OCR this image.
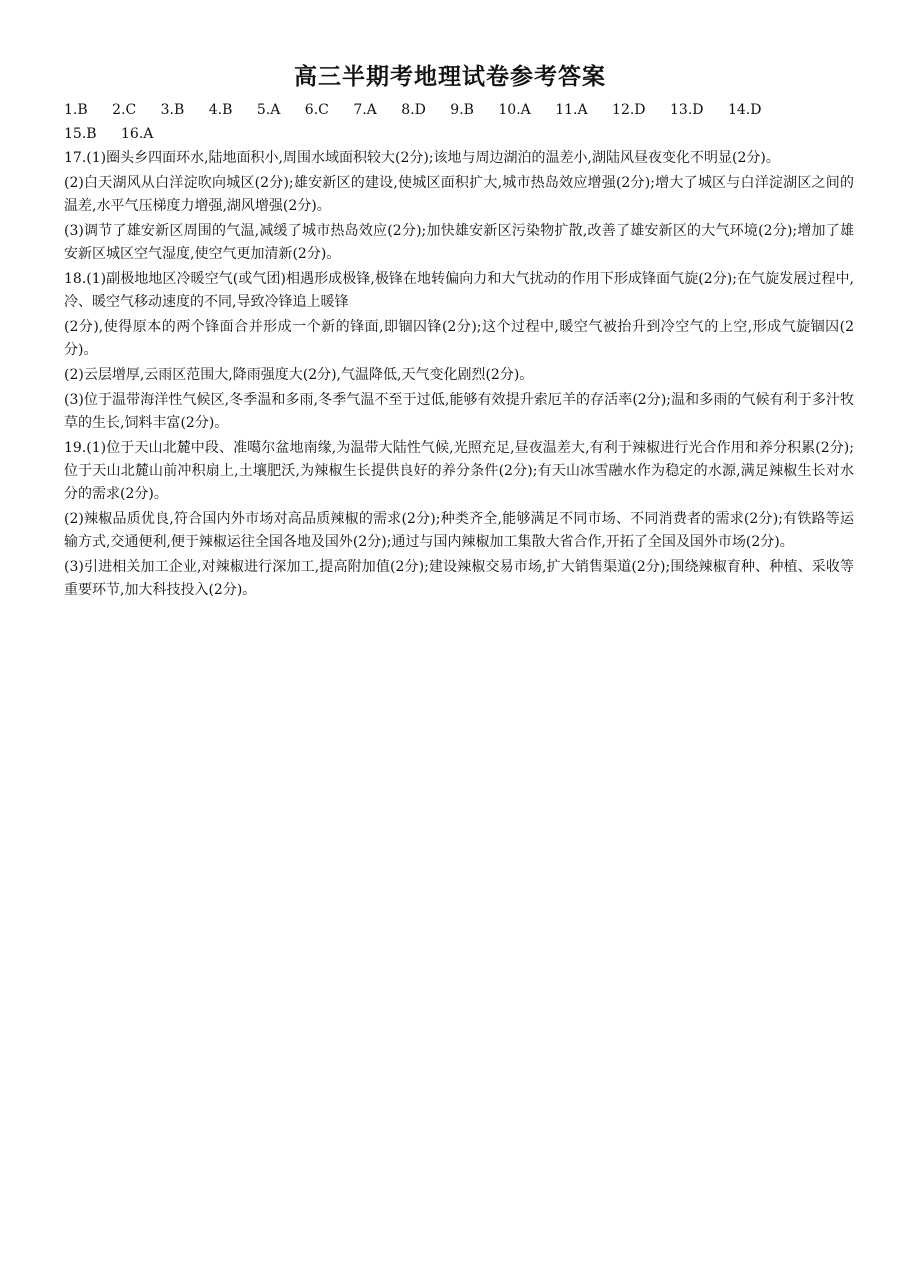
高三半期考地理试卷参考答案
1.B 2.C 3.B 4.B 5.A 6.C 7.A 8.D 9.B 10.A 11.A 12.D 13.D 14.D
15.B 16.A

17.(1)圈头乡四面环水,陆地面积小,周围水域面积较大(2分);该地与周边湖泊的温差小,湖陆风昼夜变化不明显(2分)。

(2)白天湖风从白洋淀吹向城区(2分);雄安新区的建设,使城区面积扩大,城市热岛效应增强(2分);增大了城区与白洋淀湖区之间的温差,水平气压梯度力增强,湖风增强(2分)。

(3)调节了雄安新区周围的气温,减缓了城市热岛效应(2分);加快雄安新区污染物扩散,改善了雄安新区的大气环境(2分);增加了雄安新区城区空气湿度,使空气更加清新(2分)。

18.(1)副极地地区冷暖空气(或气团)相遇形成极锋,极锋在地转偏向力和大气扰动的作用下形成锋面气旋(2分);在气旋发展过程中,冷、暖空气移动速度的不同,导致冷锋追上暖锋

(2分),使得原本的两个锋面合并形成一个新的锋面,即锢囚锋(2分);这个过程中,暖空气被抬升到冷空气的上空,形成气旋锢囚(2分)。

(2)云层增厚,云雨区范围大,降雨强度大(2分),气温降低,天气变化剧烈(2分)。

(3)位于温带海洋性气候区,冬季温和多雨,冬季气温不至于过低,能够有效提升索厄羊的存活率(2分);温和多雨的气候有利于多汁牧草的生长,饲料丰富(2分)。

19.(1)位于天山北麓中段、准噶尔盆地南缘,为温带大陆性气候,光照充足,昼夜温差大,有利于辣椒进行光合作用和养分积累(2分);位于天山北麓山前冲积扇上,土壤肥沃,为辣椒生长提供良好的养分条件(2分);有天山冰雪融水作为稳定的水源,满足辣椒生长对水分的需求(2分)。

(2)辣椒品质优良,符合国内外市场对高品质辣椒的需求(2分);种类齐全,能够满足不同市场、不同消费者的需求(2分);有铁路等运输方式,交通便利,便于辣椒运往全国各地及国外(2分);通过与国内辣椒加工集散大省合作,开拓了全国及国外市场(2分)。

(3)引进相关加工企业,对辣椒进行深加工,提高附加值(2分);建设辣椒交易市场,扩大销售渠道(2分);围绕辣椒育种、种植、采收等重要环节,加大科技投入(2分)。
